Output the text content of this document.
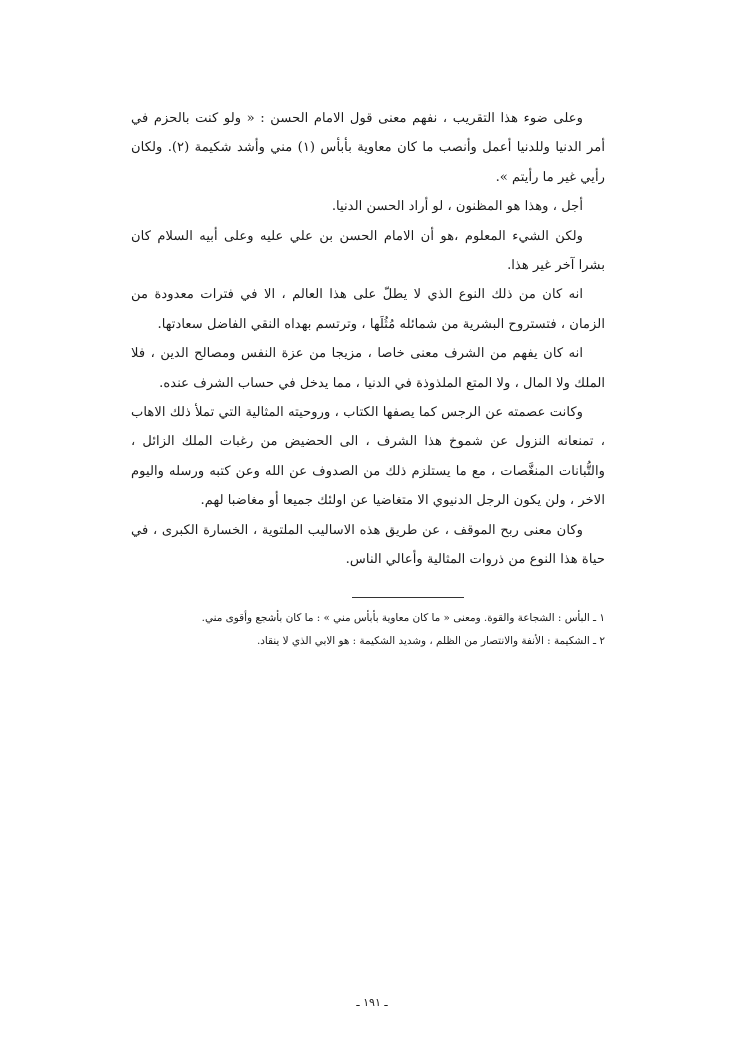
وعلى ضوء هذا التقريب ، نفهم معنى قول الامام الحسن : « ولو كنت بالحزم في أمر الدنيا وللدنيا أعمل وأنصب ما كان معاوية بأبأس (١) مني وأشد شكيمة (٢). ولكان رأيي غير ما رأيتم ».

أجل ، وهذا هو المظنون ، لو أراد الحسن الدنيا.

ولكن الشيء المعلوم ،هو أن الامام الحسن بن علي عليه وعلى أبيه السلام كان بشرا آخر غير هذا.

انه كان من ذلك النوع الذي لا يطلّ على هذا العالم ، الا في فترات معدودة من الزمان ، فتستروح البشرية من شمائله مُثُلَها ، وترتسم بهداه النقي الفاضل سعادتها.

انه كان يفهم من الشرف معنى خاصا ، مزيجا من عزة النفس ومصالح الدين ، فلا الملك ولا المال ، ولا المتع الملذوذة في الدنيا ، مما يدخل في حساب الشرف عنده.

وكانت عصمته عن الرجس كما يصفها الكتاب ، وروحيته المثالية التي تملأ ذلك الاهاب ، تمنعانه النزول عن شموخ هذا الشرف ، الى الحضيض من رغبات الملك الزائل ، والتُّبانات المنغَّصات ، مع ما يستلزم ذلك من الصدوف عن الله وعن كتبه ورسله واليوم الاخر ، ولن يكون الرجل الدنيوي الا متغاضيا عن اولئك جميعا أو مغاضبا لهم.

وكان معنى ربح الموقف ، عن طريق هذه الاساليب الملتوية ، الخسارة الكبرى ، في حياة هذا النوع من ذروات المثالية وأعالي الناس.

١ ـ البأس : الشجاعة والقوة. ومعنى « ما كان معاوية بأبأس مني » : ما كان بأشجع وأقوى مني.

٢ ـ الشكيمة : الأنفة والانتصار من الظلم ، وشديد الشكيمة : هو الابي الذي لا ينقاد.

ـ ١٩١ ـ
